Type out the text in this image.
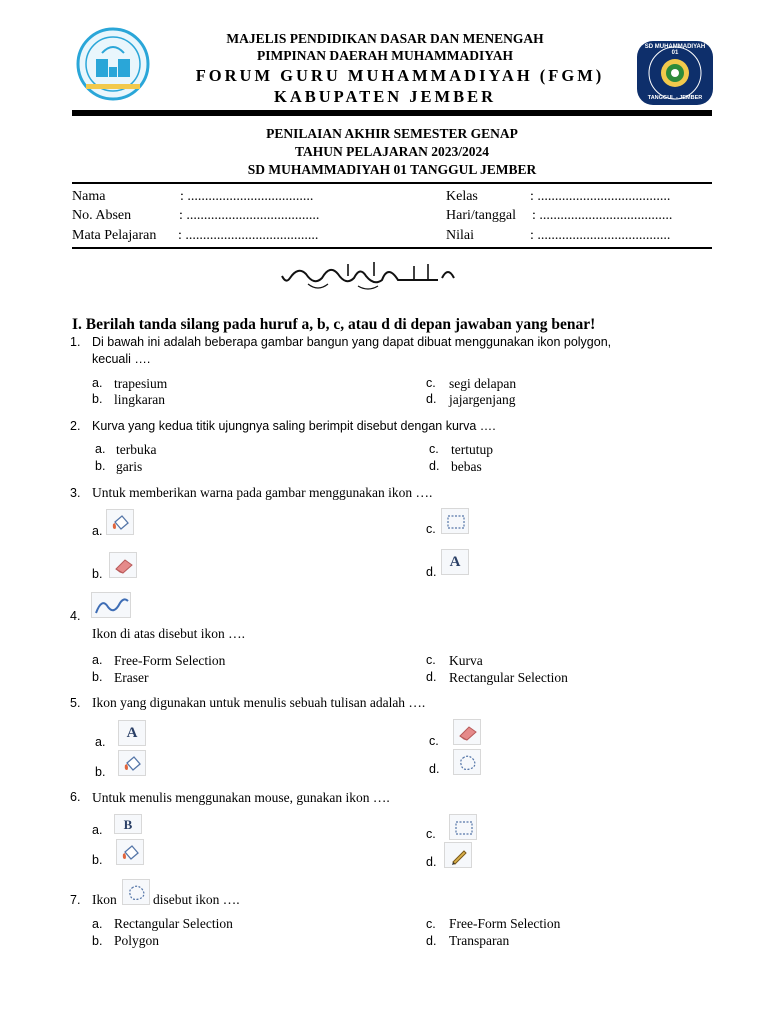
MAJELIS PENDIDIKAN DASAR DAN MENENGAH
PIMPINAN DAERAH MUHAMMADIYAH
FORUM GURU MUHAMMADIYAH (FGM)
KABUPATEN JEMBER
SD MUHAMMADIYAH 01
TANGGUL - JEMBER
PENILAIAN AKHIR SEMESTER GENAP
TAHUN PELAJARAN 2023/2024
SD MUHAMMADIYAH 01 TANGGUL JEMBER
Nama	: ....................................
No. Absen	: ......................................
Mata Pelajaran : ......................................
Kelas	: ......................................
Hari/tanggal : ......................................
Nilai	: ......................................
I. Berilah tanda silang pada huruf a, b, c, atau d di depan jawaban yang benar!
1. Di bawah ini adalah beberapa gambar bangun yang dapat dibuat menggunakan ikon polygon,
kecuali ….
a. trapesium
b. lingkaran
c. segi delapan
d. jajargenjang
2. Kurva yang kedua titik ujungnya saling berimpit disebut dengan kurva ….
a. terbuka
b. garis
c. tertutup
d. bebas
3. Untuk memberikan warna pada gambar menggunakan ikon ….
a.
b.
c.
d.
A
4.
Ikon di atas disebut ikon ….
a. Free-Form Selection
b. Eraser
c. Kurva
d. Rectangular Selection
5. Ikon yang digunakan untuk menulis sebuah tulisan adalah ….
a.
A
b.
c.
d.
6. Untuk menulis menggunakan mouse, gunakan ikon ….
a.	B
b.
c.
d.
7. Ikon	disebut ikon ….
a. Rectangular Selection
b. Polygon
c. Free-Form Selection
d. Transparan
